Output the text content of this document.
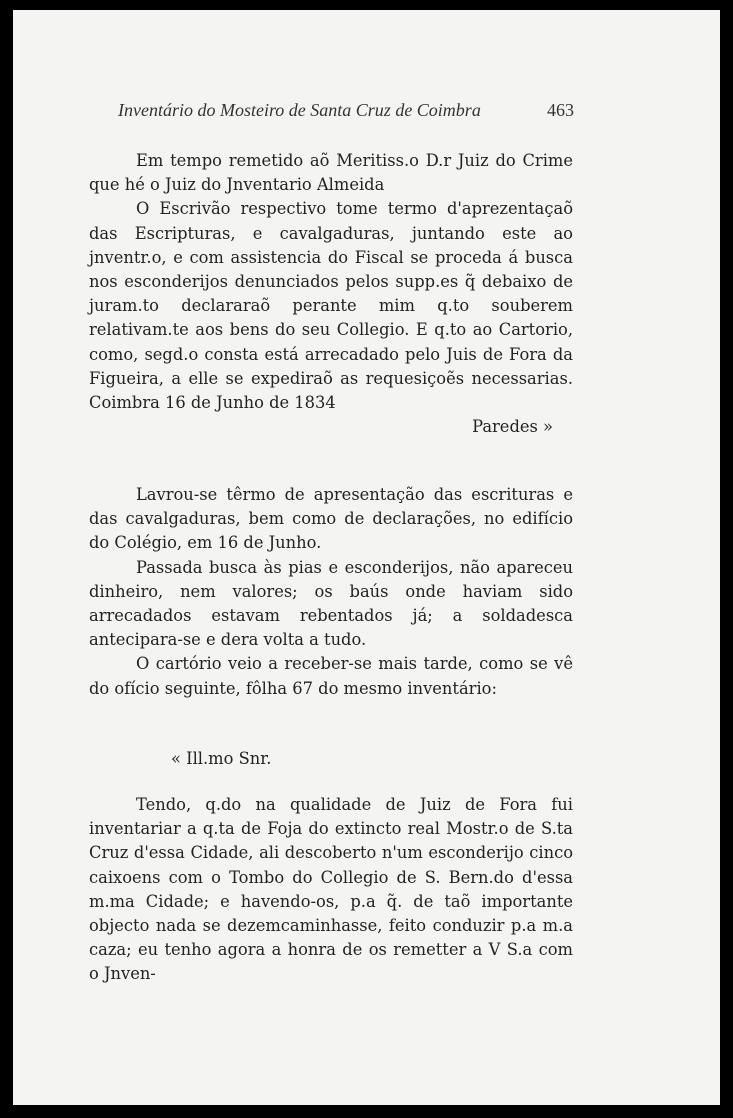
Inventário do Mosteiro de Santa Cruz de Coimbra	463

Em tempo remetido aõ Meritiss.o D.r Juiz do Crime que hé o Juiz do Jnventario Almeida

O Escrivão respectivo tome termo d'aprezentaçaõ das Escripturas, e cavalgaduras, juntando este ao jnventr.o, e com assistencia do Fiscal se proceda á busca nos esconderijos denunciados pelos supp.es q̃ debaixo de juram.to declararaõ perante mim q.to souberem relativam.te aos bens do seu Collegio. E q.to ao Cartorio, como, segd.o consta está arrecadado pelo Juis de Fora da Figueira, a elle se expediraõ as requesiçoẽs necessarias. Coimbra 16 de Junho de 1834

Paredes »

Lavrou-se têrmo de apresentação das escrituras e das cavalgaduras, bem como de declarações, no edifício do Colégio, em 16 de Junho.

Passada busca às pias e esconderijos, não apareceu dinheiro, nem valores; os baús onde haviam sido arrecadados estavam rebentados já; a soldadesca antecipara-se e dera volta a tudo.

O cartório veio a receber-se mais tarde, como se vê do ofício seguinte, fôlha 67 do mesmo inventário:

« Ill.mo Snr.

Tendo, q.do na qualidade de Juiz de Fora fui inventariar a q.ta de Foja do extincto real Mostr.o de S.ta Cruz d'essa Cidade, ali descoberto n'um esconderijo cinco caixoens com o Tombo do Collegio de S. Bern.do d'essa m.ma Cidade; e havendo-os, p.a q̃. de taõ importante objecto nada se dezemcaminhasse, feito conduzir p.a m.a caza; eu tenho agora a honra de os remetter a V S.a com o Jnven-
